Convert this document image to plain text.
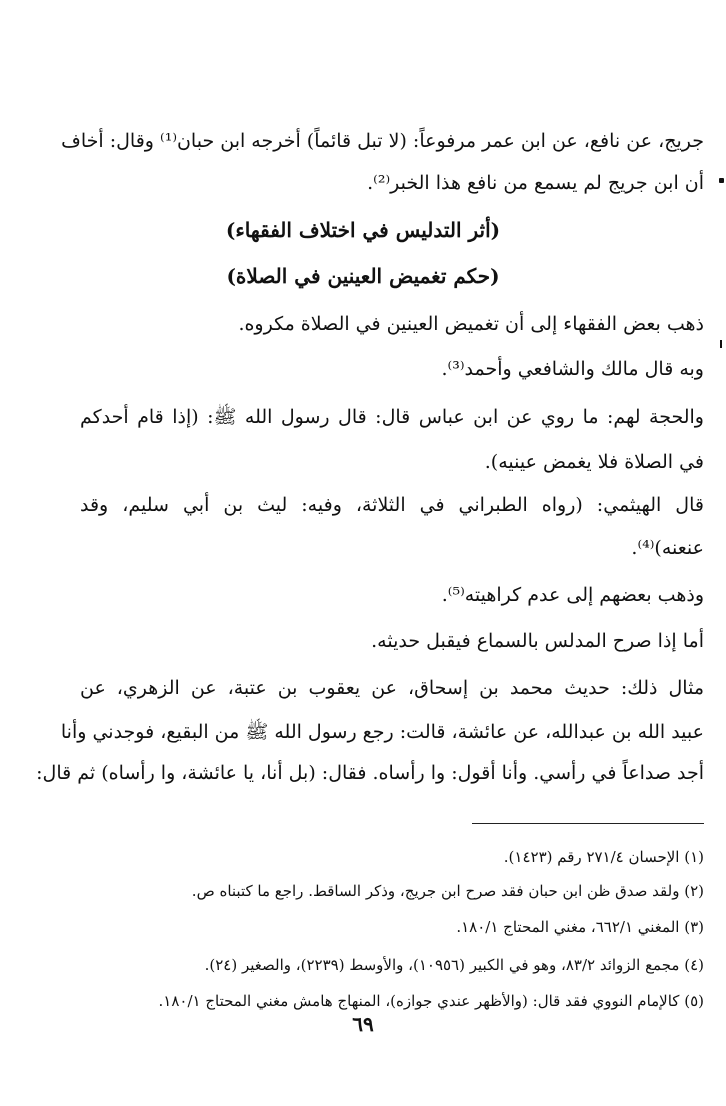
جريج، عن نافع، عن ابن عمر مرفوعاً: (لا تبل قائماً) أخرجه ابن حبان⁽¹⁾ وقال: أخاف
أن ابن جريج لم يسمع من نافع هذا الخبر⁽²⁾.
(أثر التدليس في اختلاف الفقهاء)
(حكم تغميض العينين في الصلاة)
ذهب بعض الفقهاء إلى أن تغميض العينين في الصلاة مكروه.
وبه قال مالك والشافعي وأحمد⁽³⁾.
والحجة لهم: ما روي عن ابن عباس قال: قال رسول الله ﷺ: (إذا قام أحدكم
في الصلاة فلا يغمض عينيه).
قال الهيثمي: (رواه الطبراني في الثلاثة، وفيه: ليث بن أبي سليم، وقد
عنعنه)⁽⁴⁾.
وذهب بعضهم إلى عدم كراهيته⁽⁵⁾.
أما إذا صرح المدلس بالسماع فيقبل حديثه.
مثال ذلك: حديث محمد بن إسحاق، عن يعقوب بن عتبة، عن الزهري، عن
عبيد الله بن عبدالله، عن عائشة، قالت: رجع رسول الله ﷺ من البقيع، فوجدني وأنا
أجد صداعاً في رأسي. وأنا أقول: وا رأساه. فقال: (بل أنا، يا عائشة، وا رأساه) ثم قال:
(١) الإحسان ٢٧١/٤ رقم (١٤٢٣).
(٢) ولقد صدق ظن ابن حبان فقد صرح ابن جريج، وذكر الساقط. راجع ما كتبناه ص.
(٣) المغني ٦٦٢/١، مغني المحتاج ١٨٠/١.
(٤) مجمع الزوائد ٨٣/٢، وهو في الكبير (١٠٩٥٦)، والأوسط (٢٢٣٩)، والصغير (٢٤).
(٥) كالإمام النووي فقد قال: (والأظهر عندي جوازه)، المنهاج هامش مغني المحتاج ١٨٠/١.
٦٩
